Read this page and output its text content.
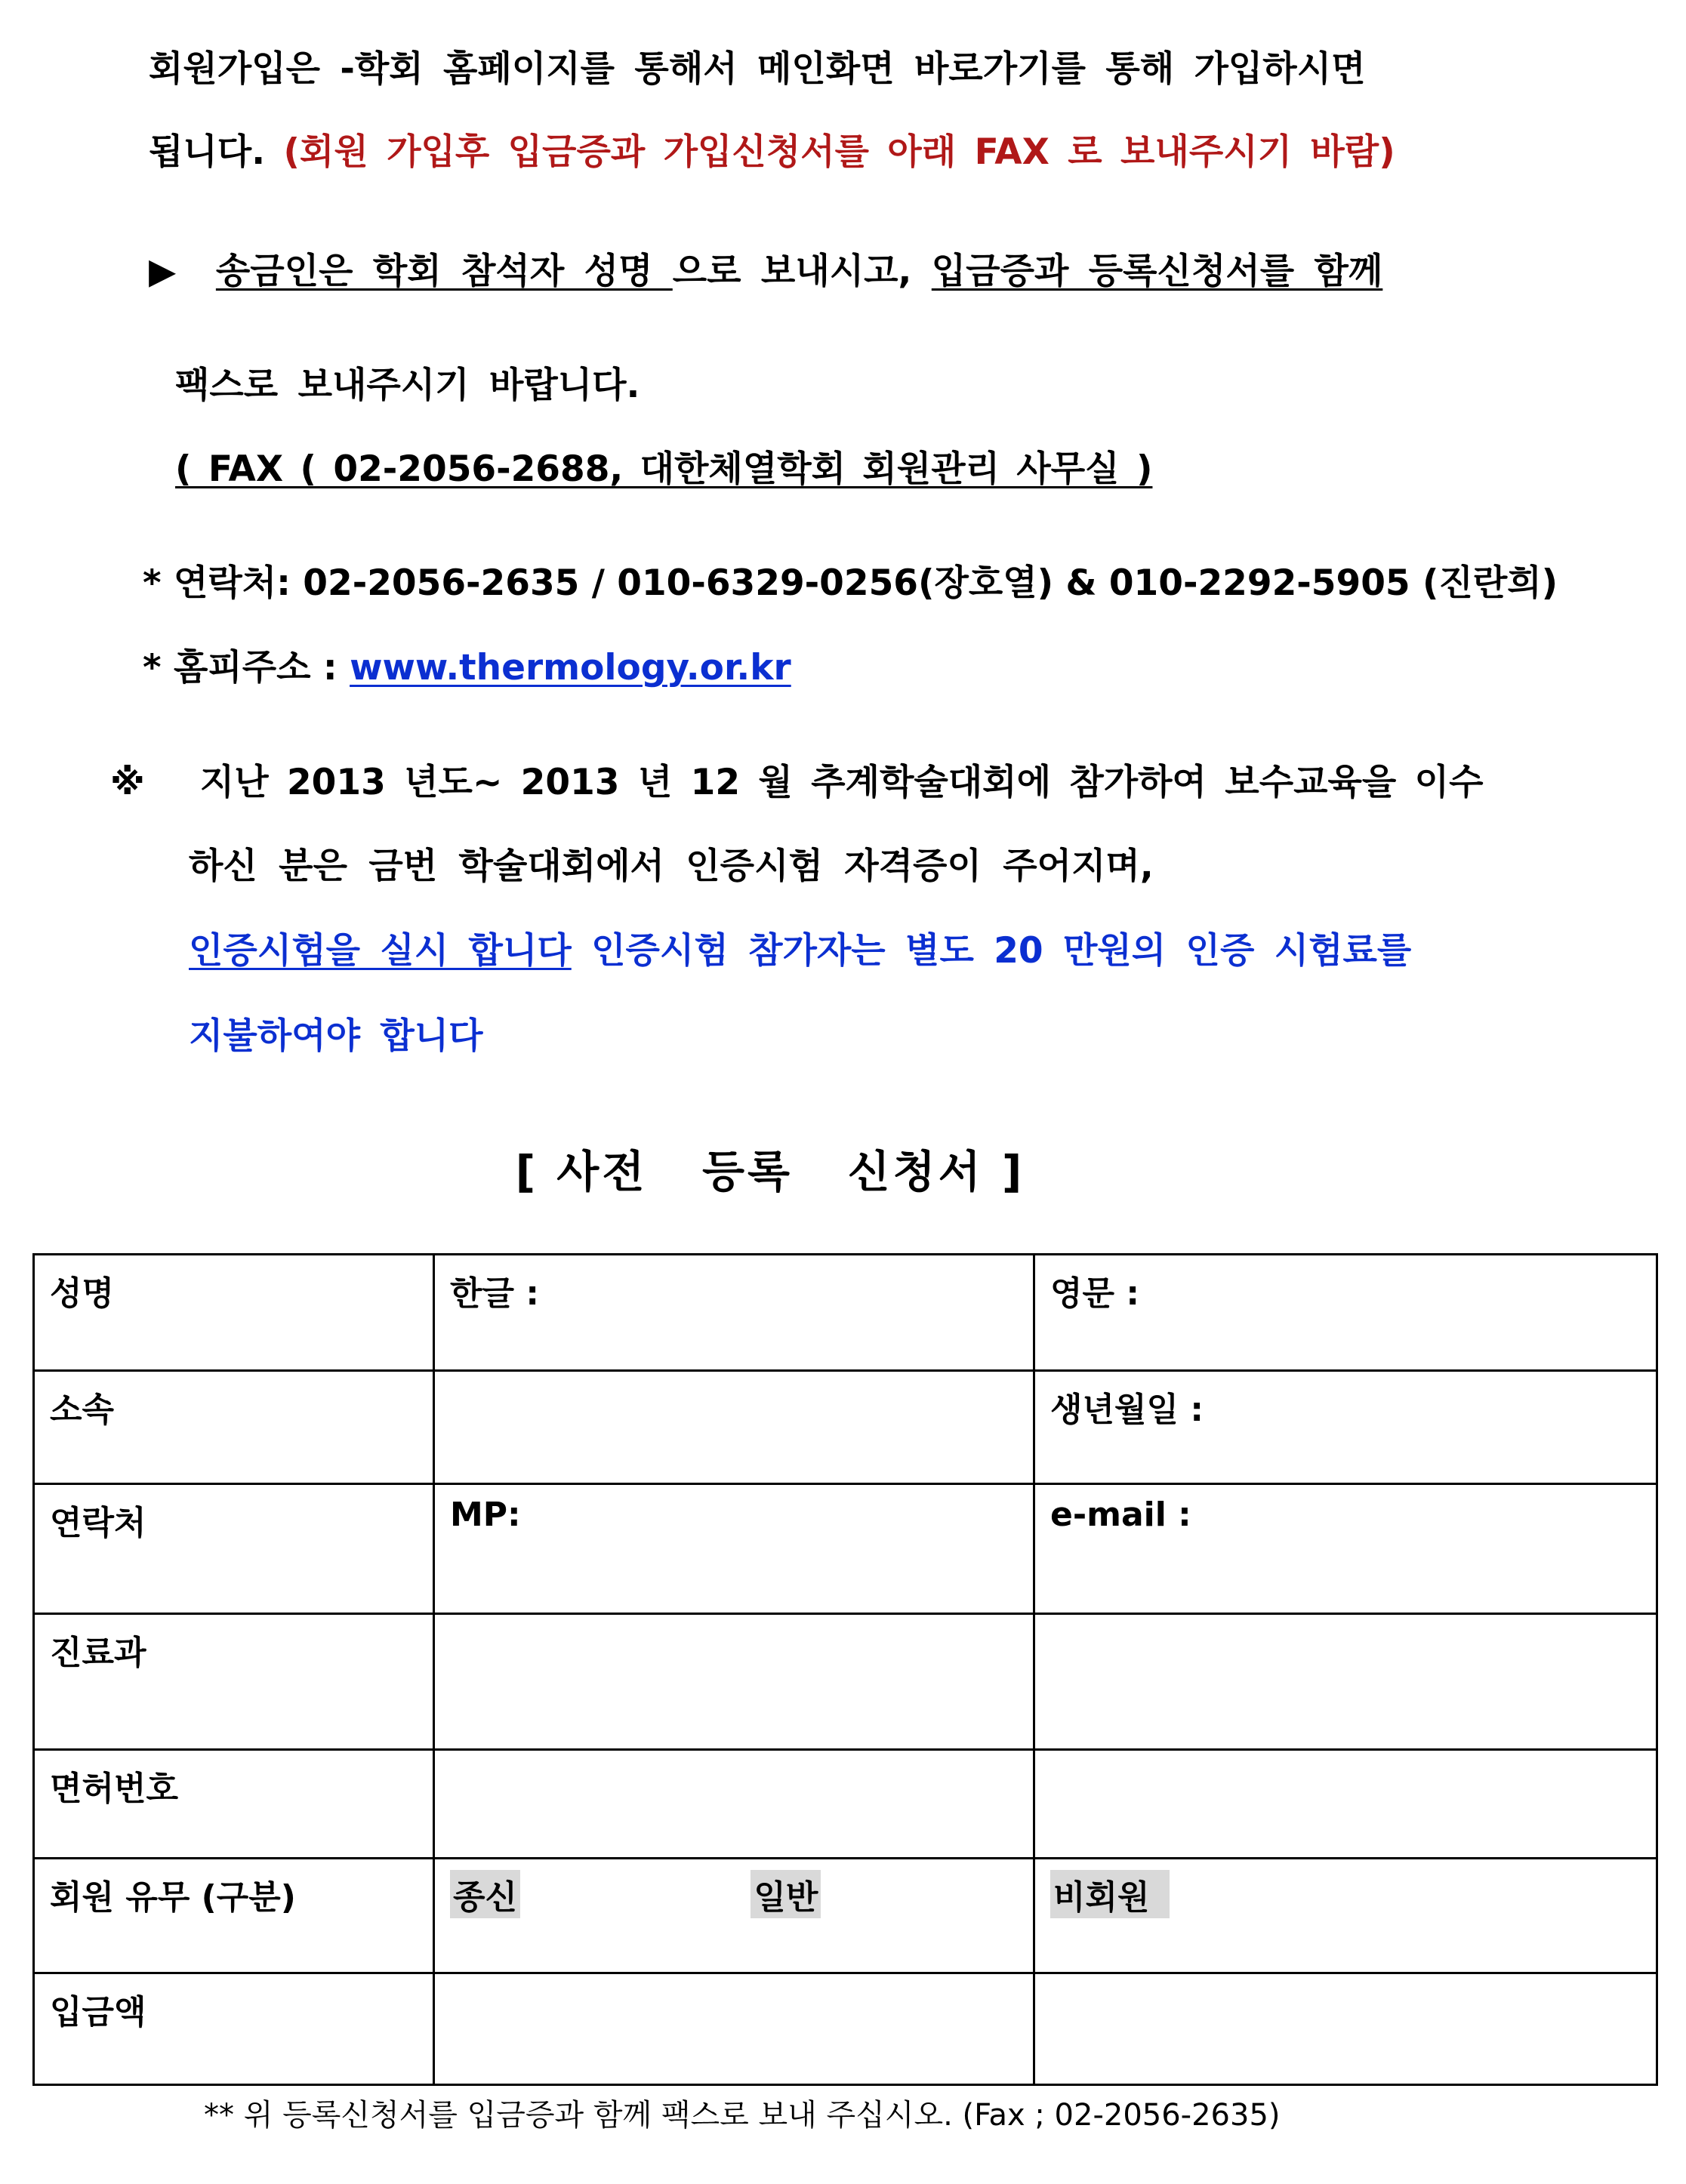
회원가입은 -학회 홈페이지를 통해서 메인화면 바로가기를 통해 가입하시면
됩니다. (회원 가입후 입금증과 가입신청서를 아래 FAX 로 보내주시기 바람)
▶ 송금인은 학회 참석자 성명 으로 보내시고, 입금증과 등록신청서를 함께
팩스로 보내주시기 바랍니다.
( FAX ( 02-2056-2688, 대한체열학회 회원관리 사무실 )
* 연락처: 02-2056-2635 / 010-6329-0256(장호열) & 010-2292-5905 (진란희)
* 홈피주소 : www.thermology.or.kr
※ 지난 2013 년도~ 2013 년 12 월 추계학술대회에 참가하여 보수교육을 이수
하신 분은 금번 학술대회에서 인증시험 자격증이 주어지며,
인증시험을 실시 합니다 인증시험 참가자는 별도 20 만원의 인증 시험료를
지불하여야 합니다
[ 사전   등록   신청서 ]
성명	한글 :	영문 :
소속		생년월일 :
연락처	MP:	e-mail :
진료과		
면허번호		
회원 유무 (구분)	종신 일반	비회원
입금액		
** 위 등록신청서를 입금증과 함께 팩스로 보내 주십시오. (Fax ; 02-2056-2635)
